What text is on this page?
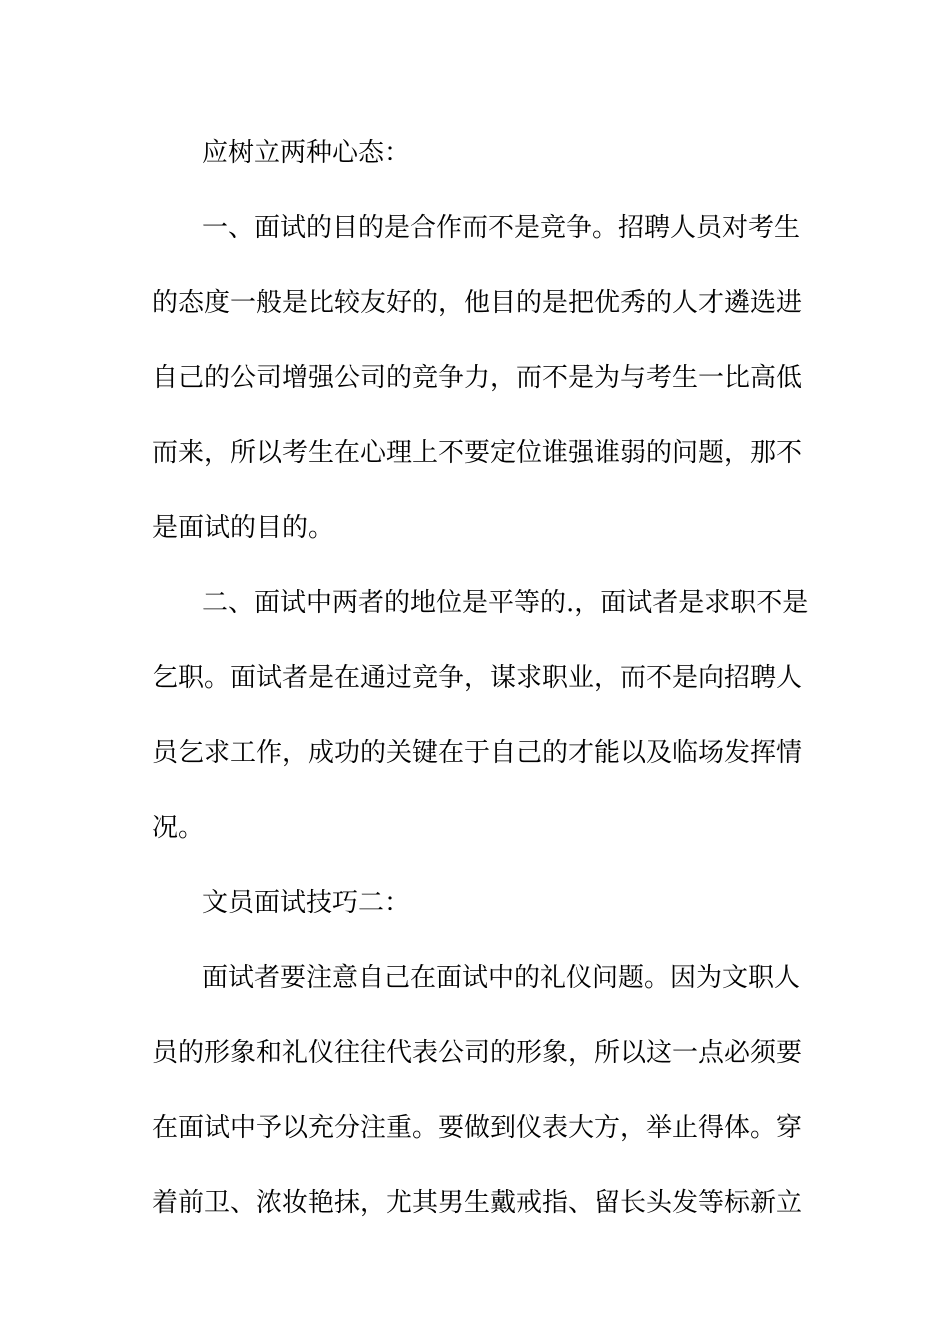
应树立两种心态：
一、面试的目的是合作而不是竞争。招聘人员对考生
的态度一般是比较友好的，他目的是把优秀的人才遴选进
自己的公司增强公司的竞争力，而不是为与考生一比高低
而来，所以考生在心理上不要定位谁强谁弱的问题，那不
是面试的目的。
二、面试中两者的地位是平等的.，面试者是求职不是
乞职。面试者是在通过竞争，谋求职业，而不是向招聘人
员乞求工作，成功的关键在于自己的才能以及临场发挥情
况。
文员面试技巧二：
面试者要注意自己在面试中的礼仪问题。因为文职人
员的形象和礼仪往往代表公司的形象，所以这一点必须要
在面试中予以充分注重。要做到仪表大方，举止得体。穿
着前卫、浓妆艳抹，尤其男生戴戒指、留长头发等标新立
